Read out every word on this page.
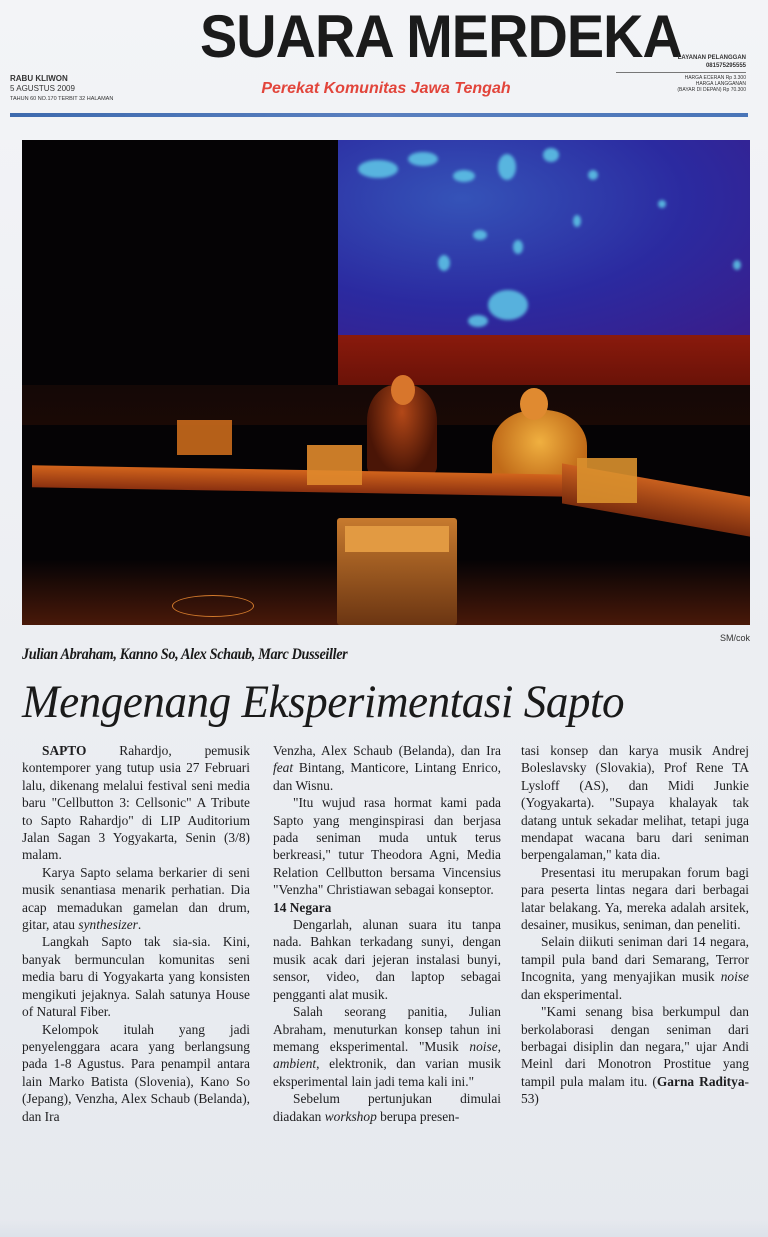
RABU KLIWON
5 AGUSTUS 2009
TAHUN 60 NO.170 TERBIT 32 HALAMAN
SUARA MERDEKA
Perekat Komunitas Jawa Tengah
LAYANAN PELANGGAN
081575295555
HARGA ECERAN Rp 3.300
HARGA LANGGANAN
(BAYAR DI DEPAN) Rp 70.300
SM/cok
Julian Abraham, Kanno So, Alex Schaub, Marc Dusseiller
Mengenang Eksperimentasi Sapto

SAPTO Rahardjo, pemusik kontemporer yang tutup usia 27 Februari lalu, dikenang melalui festival seni media baru "Cellbutton 3: Cellsonic" A Tribute to Sapto Rahardjo" di LIP Auditorium Jalan Sagan 3 Yogyakarta, Senin (3/8) malam.

Karya Sapto selama berkarier di seni musik senantiasa menarik perhatian. Dia acap memadukan gamelan dan drum, gitar, atau synthesizer.

Langkah Sapto tak sia-sia. Kini, banyak bermunculan komunitas seni media baru di Yogyakarta yang konsisten mengikuti jejaknya. Salah satunya House of Natural Fiber.

Kelompok itulah yang jadi penyelenggara acara yang berlangsung pada 1-8 Agustus. Para penampil antara lain Marko Batista (Slovenia), Kano So (Jepang), Venzha, Alex Schaub (Belanda), dan Ira

Venzha, Alex Schaub (Belanda), dan Ira feat Bintang, Manticore, Lintang Enrico, dan Wisnu.

"Itu wujud rasa hormat kami pada Sapto yang menginspirasi dan berjasa pada seniman muda untuk terus berkreasi," tutur Theodora Agni, Media Relation Cellbutton bersama Vincensius "Venzha" Christiawan sebagai konseptor.

14 Negara

Dengarlah, alunan suara itu tanpa nada. Bahkan terkadang sunyi, dengan musik acak dari jejeran instalasi bunyi, sensor, video, dan laptop sebagai pengganti alat musik.

Salah seorang panitia, Julian Abraham, menuturkan konsep tahun ini memang eksperimental. "Musik noise, ambient, elektronik, dan varian musik eksperimental lain jadi tema kali ini."

Sebelum pertunjukan dimulai diadakan workshop berupa presen-

tasi konsep dan karya musik Andrej Boleslavsky (Slovakia), Prof Rene TA Lysloff (AS), dan Midi Junkie (Yogyakarta). "Supaya khalayak tak datang untuk sekadar melihat, tetapi juga mendapat wacana baru dari seniman berpengalaman," kata dia.

Presentasi itu merupakan forum bagi para peserta lintas negara dari berbagai latar belakang. Ya, mereka adalah arsitek, desainer, musikus, seniman, dan peneliti.

Selain diikuti seniman dari 14 negara, tampil pula band dari Semarang, Terror Incognita, yang menyajikan musik noise dan eksperimental.

"Kami senang bisa berkumpul dan berkolaborasi dengan seniman dari berbagai disiplin dan negara," ujar Andi Meinl dari Monotron Prostitue yang tampil pula malam itu. (Garna Raditya-53)
